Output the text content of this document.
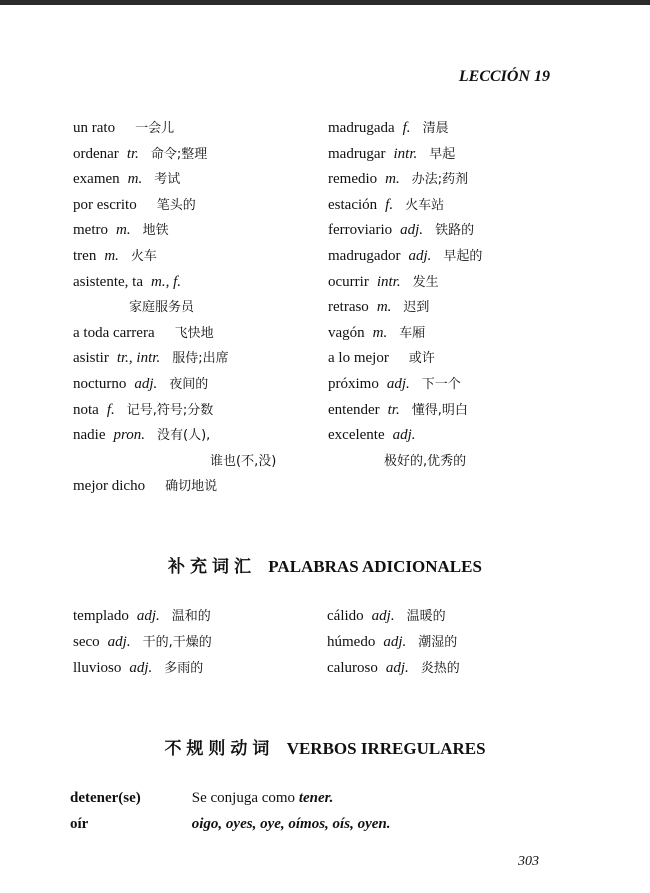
LECCIÓN 19
un rato 一会儿
ordenar tr. 命令;整理
examen m. 考试
por escrito 笔头的
metro m. 地铁
tren m. 火车
asistente, ta m., f.
家庭服务员
a toda carrera 飞快地
asistir tr., intr. 服侍;出席
nocturno adj. 夜间的
nota f. 记号,符号;分数
nadie pron. 没有(人),
谁也(不,没)
mejor dicho 确切地说
madrugada f. 清晨
madrugar intr. 早起
remedio m. 办法;药剂
estación f. 火车站
ferroviario adj. 铁路的
madrugador adj. 早起的
ocurrir intr. 发生
retraso m. 迟到
vagón m. 车厢
a lo mejor 或许
próximo adj. 下一个
entender tr. 懂得,明白
excelente adj.
极好的,优秀的
补充词汇 PALABRAS ADICIONALES
templado adj. 温和的
seco adj. 干的,干燥的
lluvioso adj. 多雨的
cálido adj. 温暖的
húmedo adj. 潮湿的
caluroso adj. 炎热的
不规则动词 VERBOS IRREGULARES
detener(se)	Se conjuga como tener.
oír	oigo, oyes, oye, oímos, oís, oyen.
303
